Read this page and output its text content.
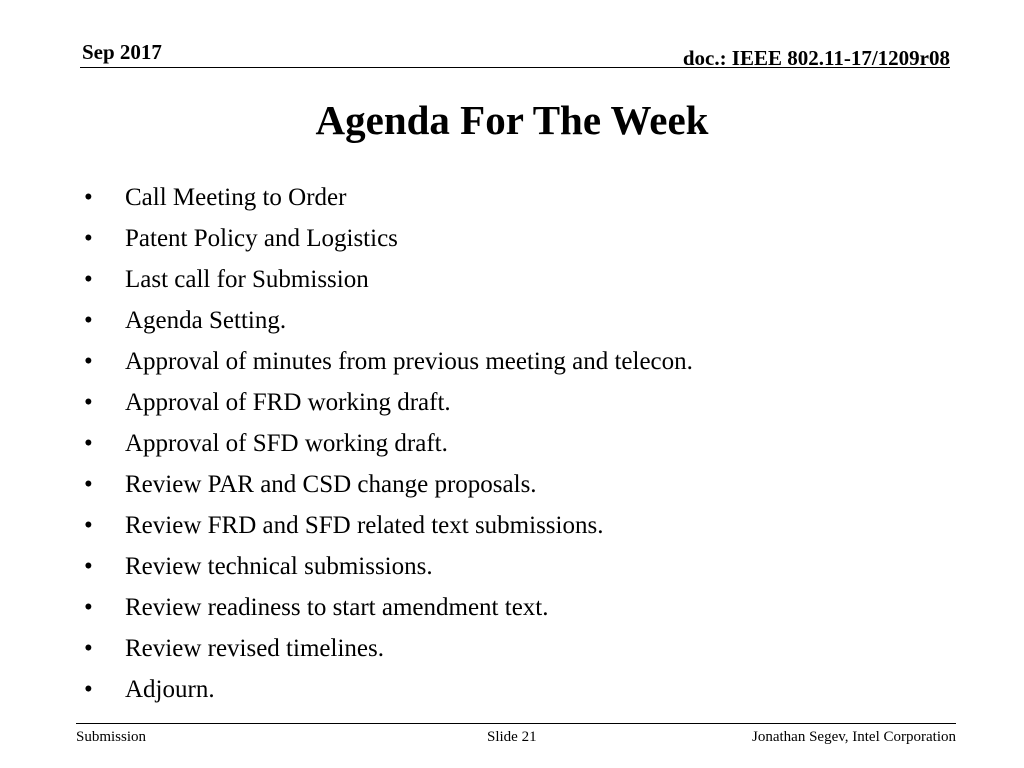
Sep 2017	doc.: IEEE 802.11-17/1209r08
Agenda For The Week
•	Call Meeting to Order
•	Patent Policy and Logistics
•	Last call for Submission
•	Agenda Setting.
•	Approval of minutes from previous meeting and telecon.
•	Approval of FRD working draft.
•	Approval of SFD working draft.
•	Review PAR and CSD change proposals.
•	Review FRD and SFD related text submissions.
•	Review technical submissions.
•	Review readiness to start amendment text.
•	Review revised timelines.
•	Adjourn.
Submission	Slide 21	Jonathan Segev, Intel Corporation
